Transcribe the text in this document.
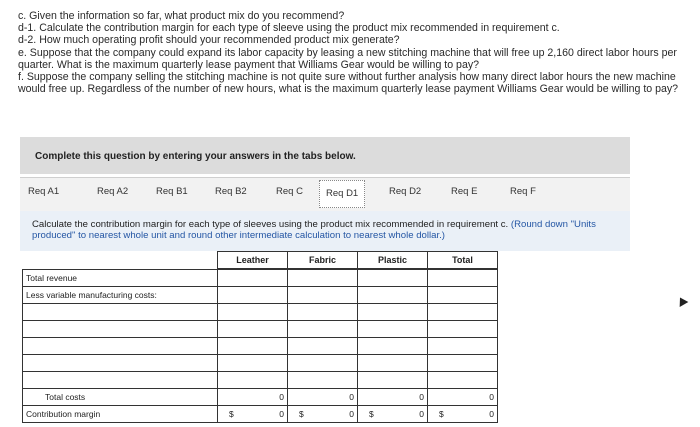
c. Given the information so far, what product mix do you recommend?

d-1. Calculate the contribution margin for each type of sleeve using the product mix recommended in requirement c.

d-2. How much operating profit should your recommended product mix generate?

e. Suppose that the company could expand its labor capacity by leasing a new stitching machine that will free up 2,160 direct labor hours per quarter. What is the maximum quarterly lease payment that Williams Gear would be willing to pay?

f. Suppose the company selling the stitching machine is not quite sure without further analysis how many direct labor hours the new machine would free up. Regardless of the number of new hours, what is the maximum quarterly lease payment Williams Gear would be willing to pay?

Complete this question by entering your answers in the tabs below.
Req A1	Req A2	Req B1	Req B2	Req C	Req D1	Req D2	Req E	Req F
Calculate the contribution margin for each type of sleeves using the product mix recommended in requirement c. (Round down "Units produced" to nearest whole unit and round other intermediate calculation to nearest whole dollar.)
	Leather	Fabric	Plastic	Total
Total revenue				
Less variable manufacturing costs:				

Total costs	0	0	0	0

Contribution margin	$ 0	$ 0	$ 0	$ 0
